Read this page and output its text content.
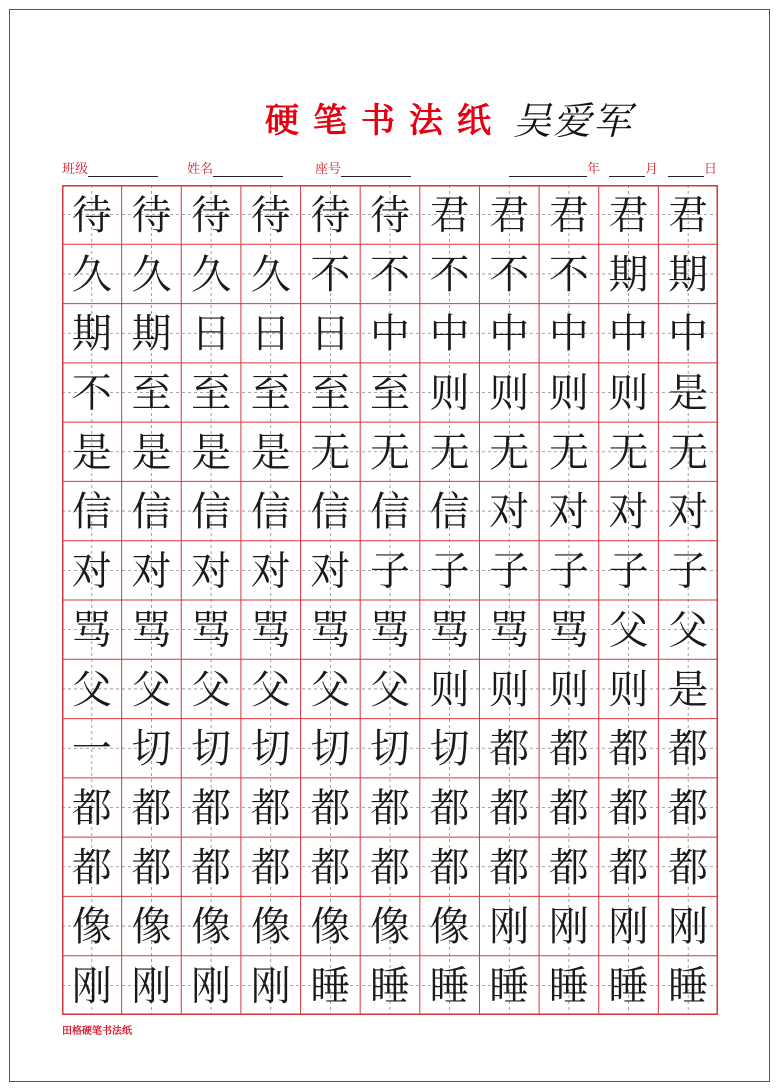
硬笔书法纸 吴爱军
班级	姓名	座号	年	月	日
待 待 待 待 待 待 君 君 君 君 君
久 久 久 久 不 不 不 不 不 期 期
期 期 日 日 日 中 中 中 中 中 中
不 至 至 至 至 至 则 则 则 则 是
是 是 是 是 无 无 无 无 无 无 无
信 信 信 信 信 信 信 对 对 对 对
对 对 对 对 对 子 子 子 子 子 子
骂 骂 骂 骂 骂 骂 骂 骂 骂 父 父
父 父 父 父 父 父 则 则 则 则 是
一 切 切 切 切 切 切 都 都 都 都
都 都 都 都 都 都 都 都 都 都 都
都 都 都 都 都 都 都 都 都 都 都
像 像 像 像 像 像 像 刚 刚 刚 刚
刚 刚 刚 刚 睡 睡 睡 睡 睡 睡 睡
田格硬笔书法纸
